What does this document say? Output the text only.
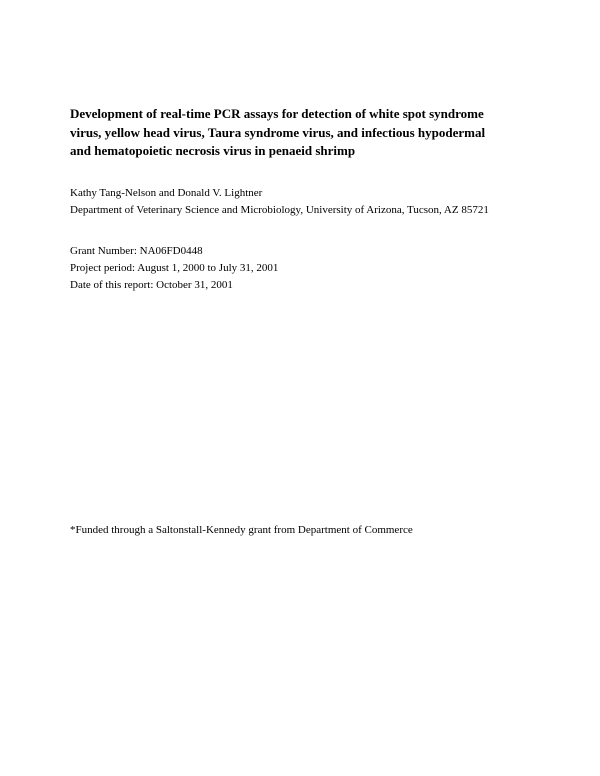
Development of real-time PCR assays for detection of white spot syndrome
virus, yellow head virus, Taura syndrome virus, and infectious hypodermal
and hematopoietic necrosis virus in penaeid shrimp
Kathy Tang-Nelson and Donald V. Lightner
Department of Veterinary Science and Microbiology, University of Arizona, Tucson, AZ 85721
Grant Number: NA06FD0448
Project period: August 1, 2000 to July 31, 2001
Date of this report: October 31, 2001
*Funded through a Saltonstall-Kennedy grant from Department of Commerce
